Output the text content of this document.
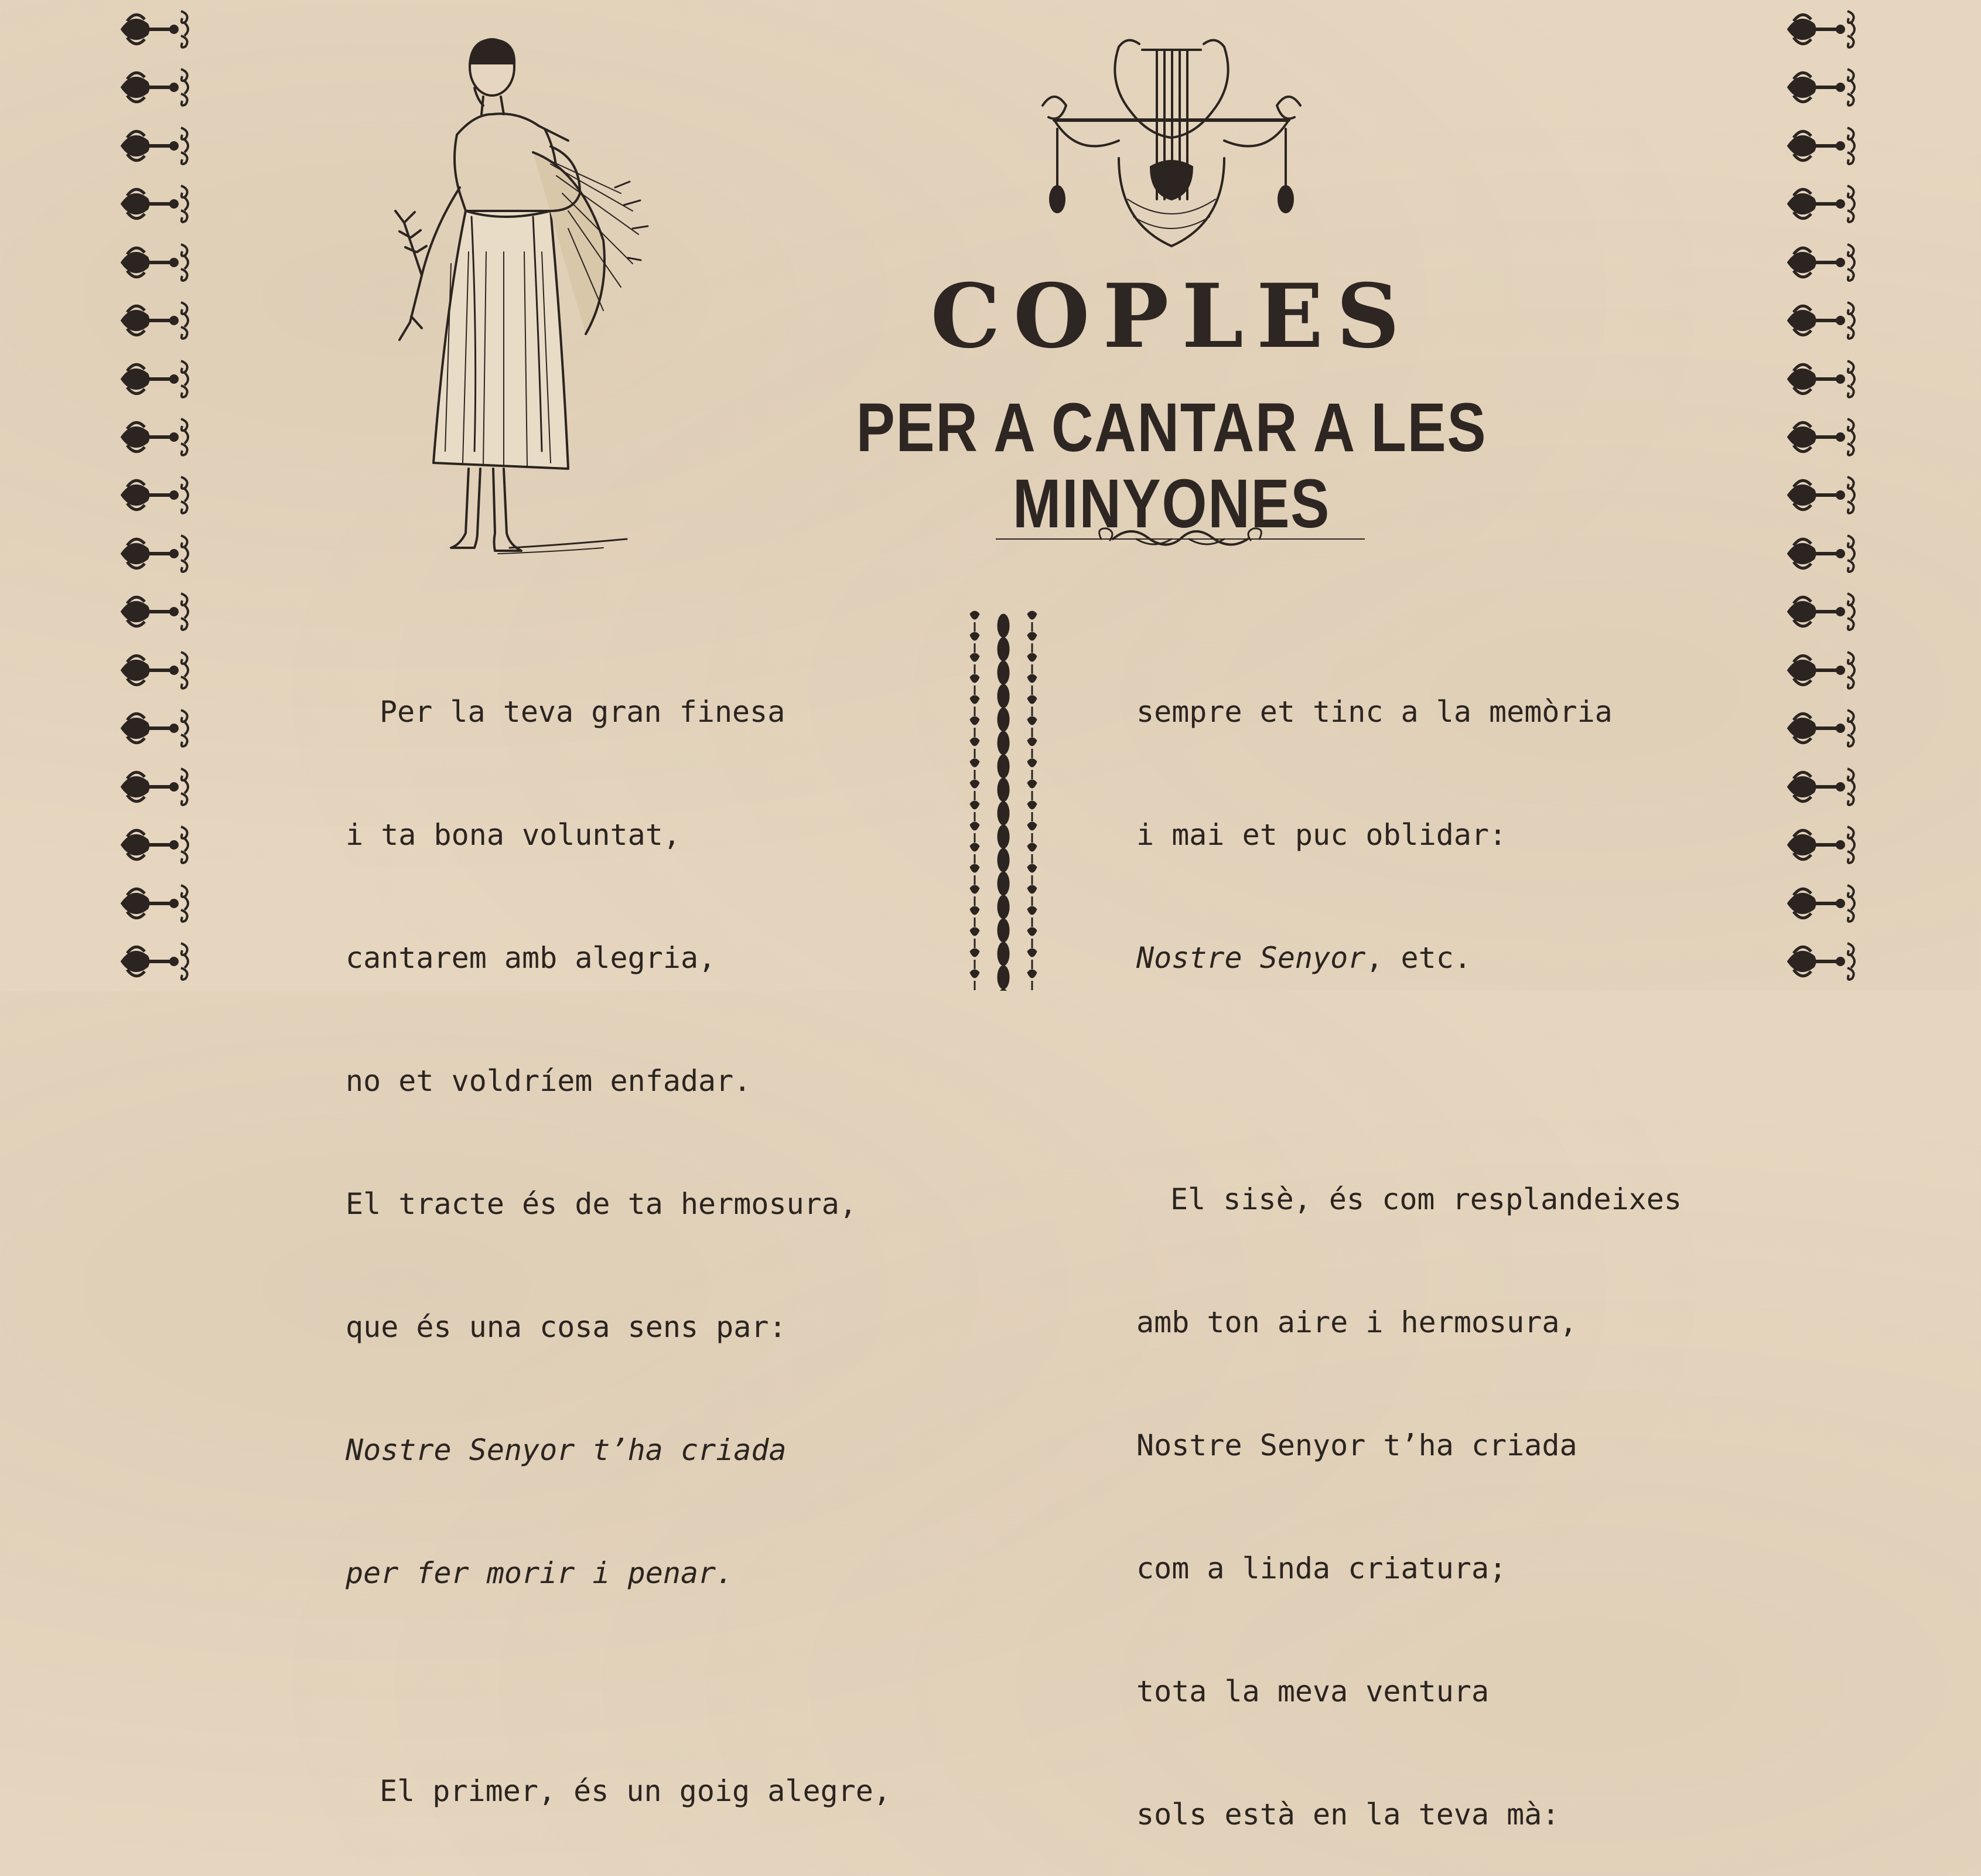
COPLES
PER A CANTAR A LES MINYONES

Per la teva gran finesa

i ta bona voluntat,

cantarem amb alegria,

no et voldríem enfadar.

El tracte és de ta hermosura,

que és una cosa sens par:

Nostre Senyor t’ha criada

per fer morir i penar.

El primer, és un goig alegre,

sempre et tinc a la memòria

i mai et puc oblidar:

Nostre Senyor, etc.

El sisè, és com resplandeixes

amb ton aire i hermosura,

Nostre Senyor t’ha criada

com a linda criatura;

tota la meva ventura

sols està en la teva mà:
